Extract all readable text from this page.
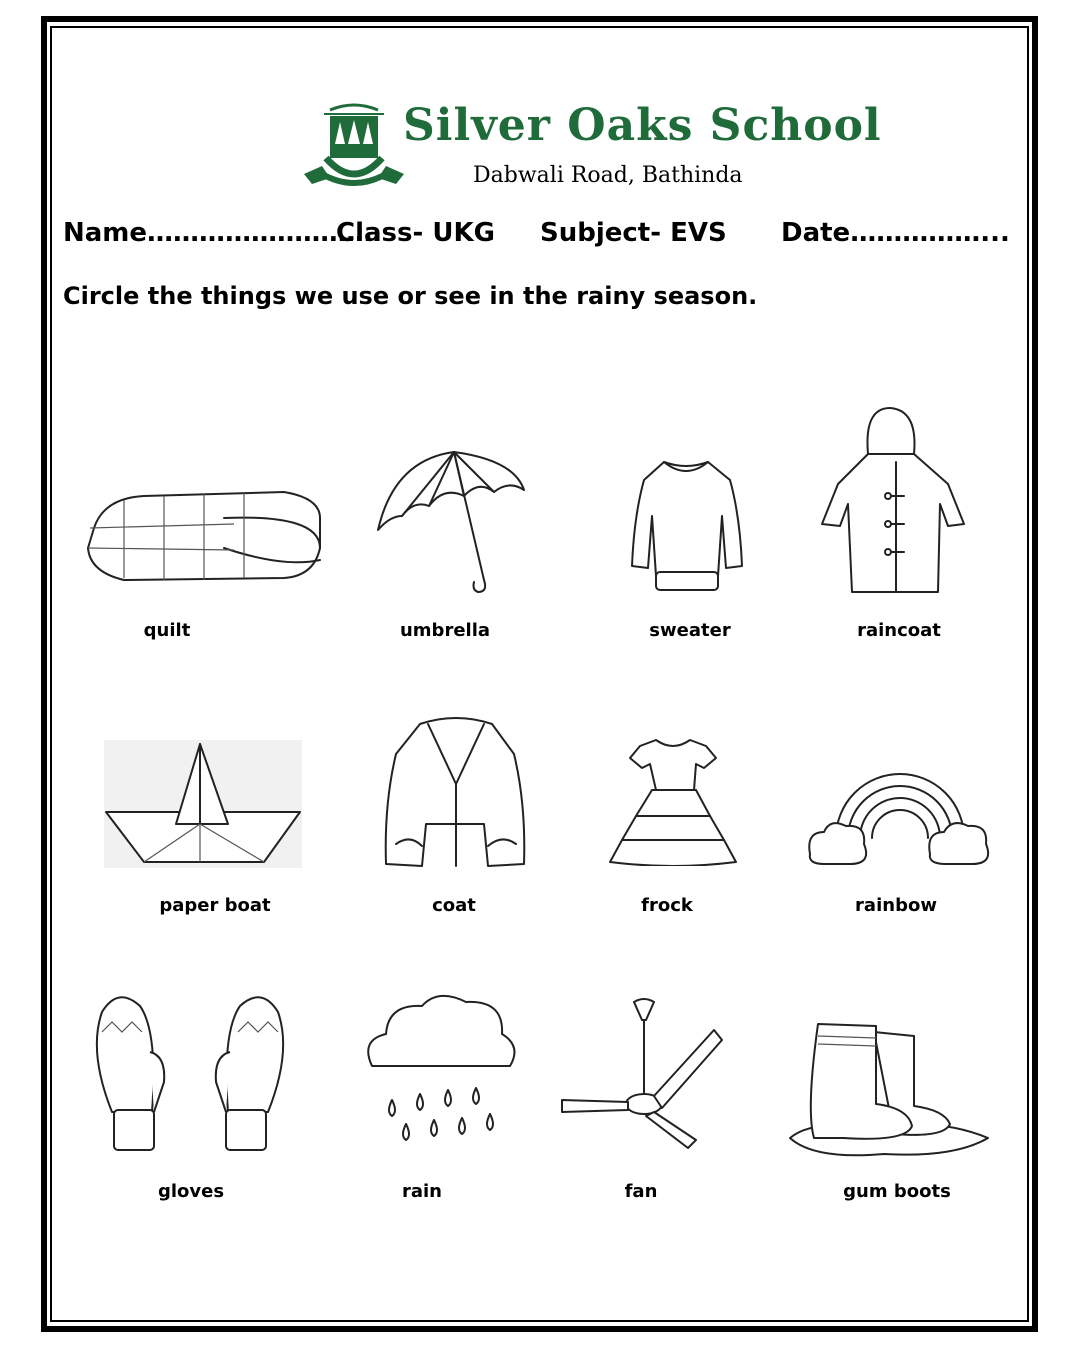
Silver Oaks School
Dabwali Road, Bathinda
Name………………………
Class- UKG Subject- EVS Date……………...
Circle the things we use or see in the rainy season.
quilt	umbrella	sweater	raincoat
paper boat	coat	frock	rainbow
gloves	rain	fan	gum boots
